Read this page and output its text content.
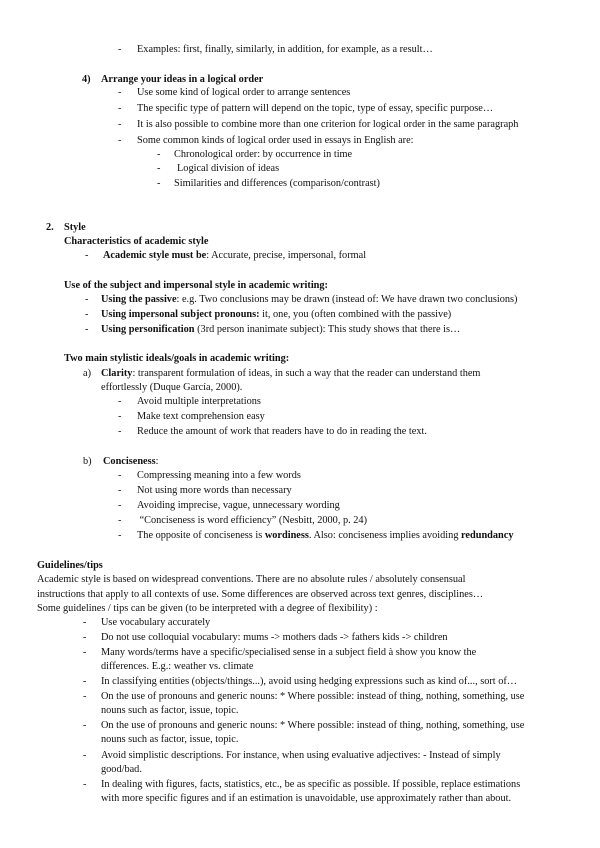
- Examples: first, finally, similarly, in addition, for example, as a result…
4) Arrange your ideas in a logical order
- Use some kind of logical order to arrange sentences
- The specific type of pattern will depend on the topic, type of essay, specific purpose…
- It is also possible to combine more than one criterion for logical order in the same paragraph
- Some common kinds of logical order used in essays in English are:
- Chronological order: by occurrence in time
- Logical division of ideas
- Similarities and differences (comparison/contrast)
2. Style
Characteristics of academic style
- Academic style must be: Accurate, precise, impersonal, formal
Use of the subject and impersonal style in academic writing:
- Using the passive: e.g. Two conclusions may be drawn (instead of: We have drawn two conclusions)
- Using impersonal subject pronouns: it, one, you (often combined with the passive)
- Using personification (3rd person inanimate subject): This study shows that there is…
Two main stylistic ideals/goals in academic writing:
a) Clarity: transparent formulation of ideas, in such a way that the reader can understand them
effortlessly (Duque García, 2000).
- Avoid multiple interpretations
- Make text comprehension easy
- Reduce the amount of work that readers have to do in reading the text.
b) Conciseness:
- Compressing meaning into a few words
- Not using more words than necessary
- Avoiding imprecise, vague, unnecessary wording
- “Conciseness is word efficiency” (Nesbitt, 2000, p. 24)
- The opposite of conciseness is wordiness. Also: conciseness implies avoiding redundancy
Guidelines/tips
Academic style is based on widespread conventions. There are no absolute rules / absolutely consensual
instructions that apply to all contexts of use. Some differences are observed across text genres, disciplines…
Some guidelines / tips can be given (to be interpreted with a degree of flexibility) :
- Use vocabulary accurately
- Do not use colloquial vocabulary: mums -> mothers dads -> fathers kids -> children
- Many words/terms have a specific/specialised sense in a subject field à show you know the
differences. E.g.: weather vs. climate
- In classifying entities (objects/things...), avoid using hedging expressions such as kind of..., sort of…
- On the use of pronouns and generic nouns: * Where possible: instead of thing, nothing, something, use
nouns such as factor, issue, topic.
- On the use of pronouns and generic nouns: * Where possible: instead of thing, nothing, something, use
nouns such as factor, issue, topic.
- Avoid simplistic descriptions. For instance, when using evaluative adjectives: - Instead of simply
good/bad.
- In dealing with figures, facts, statistics, etc., be as specific as possible. If possible, replace estimations
with more specific figures and if an estimation is unavoidable, use approximately rather than about.
